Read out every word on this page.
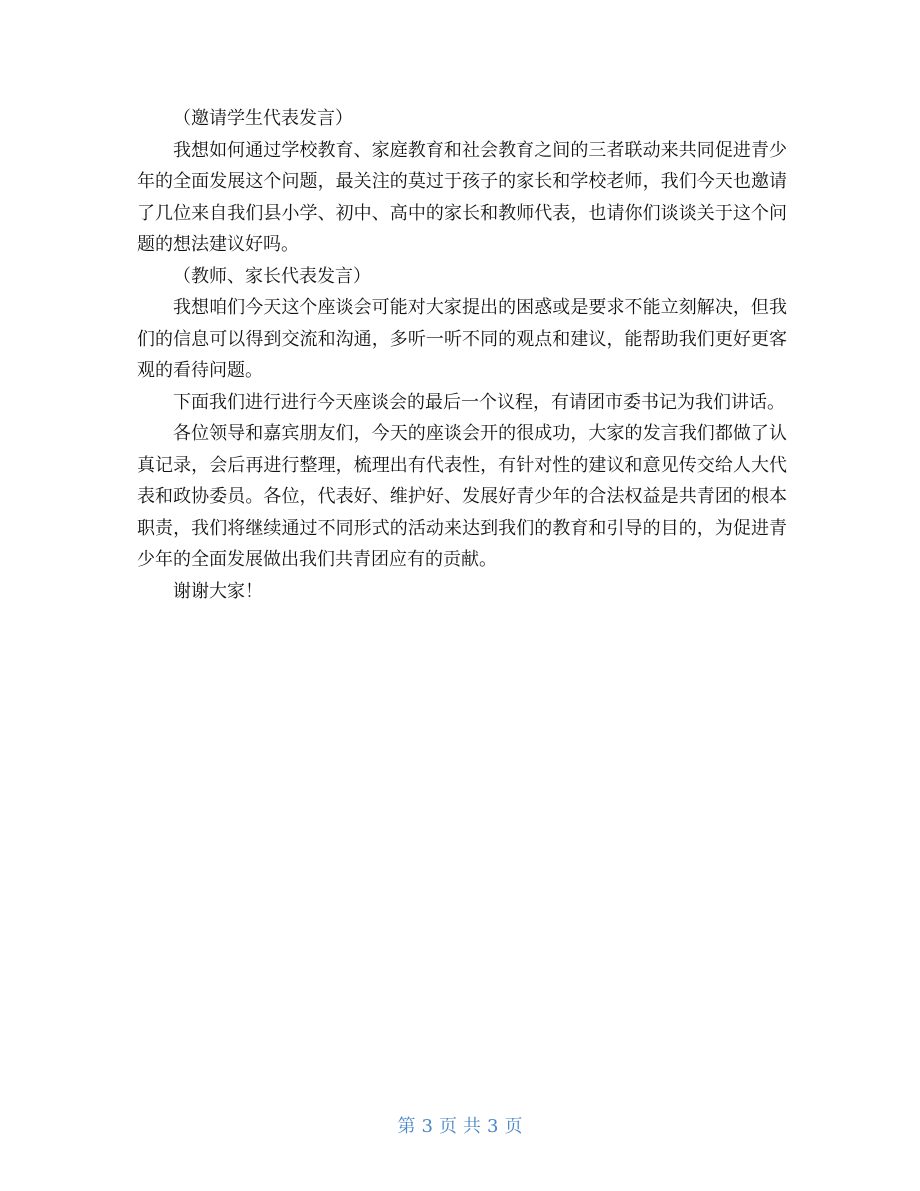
（邀请学生代表发言）

我想如何通过学校教育、家庭教育和社会教育之间的三者联动来共同促进青少年的全面发展这个问题，最关注的莫过于孩子的家长和学校老师，我们今天也邀请了几位来自我们县小学、初中、高中的家长和教师代表，也请你们谈谈关于这个问题的想法建议好吗。

（教师、家长代表发言）

我想咱们今天这个座谈会可能对大家提出的困惑或是要求不能立刻解决，但我们的信息可以得到交流和沟通，多听一听不同的观点和建议，能帮助我们更好更客观的看待问题。

下面我们进行进行今天座谈会的最后一个议程，有请团市委书记为我们讲话。

各位领导和嘉宾朋友们，今天的座谈会开的很成功，大家的发言我们都做了认真记录，会后再进行整理，梳理出有代表性，有针对性的建议和意见传交给人大代表和政协委员。各位，代表好、维护好、发展好青少年的合法权益是共青团的根本职责，我们将继续通过不同形式的活动来达到我们的教育和引导的目的，为促进青少年的全面发展做出我们共青团应有的贡献。

谢谢大家！

第 3 页 共 3 页
